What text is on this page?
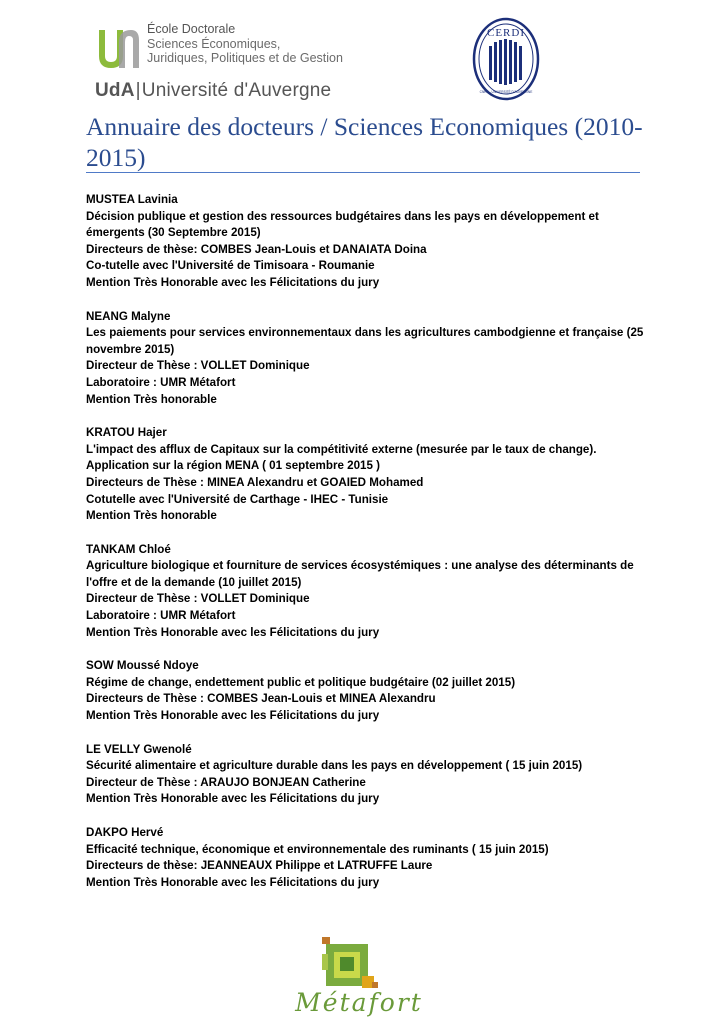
École Doctorale
Sciences Économiques,
Juridiques, Politiques et de Gestion
UdA|Université d'Auvergne
CERDI
CNRS - UNIVERSITÉ D'AUVERGNE
Annuaire des docteurs / Sciences Economiques (2010-2015)
MUSTEA Lavinia
Décision publique et gestion des ressources budgétaires dans les pays en développement et émergents (30 Septembre 2015)
Directeurs de thèse: COMBES Jean-Louis et DANAIATA Doina
Co-tutelle avec l'Université de Timisoara - Roumanie
Mention Très Honorable avec les Félicitations du jury
NEANG Malyne
Les paiements pour services environnementaux dans les agricultures cambodgienne et française (25 novembre 2015)
Directeur de Thèse : VOLLET Dominique
Laboratoire : UMR Métafort
Mention Très honorable
KRATOU Hajer
L'impact des afflux de Capitaux sur la compétitivité externe (mesurée par le taux de change). Application sur la région MENA ( 01 septembre 2015 )
Directeurs de Thèse : MINEA Alexandru et GOAIED Mohamed
Cotutelle avec l'Université de Carthage - IHEC - Tunisie
Mention Très honorable
TANKAM Chloé
Agriculture biologique et fourniture de services écosystémiques : une analyse des déterminants de l'offre et de la demande (10 juillet 2015)
Directeur de Thèse : VOLLET Dominique
Laboratoire : UMR Métafort
Mention Très Honorable avec les Félicitations du jury
SOW Moussé Ndoye
Régime de change, endettement public et politique budgétaire (02 juillet 2015)
Directeurs de Thèse : COMBES Jean-Louis et MINEA Alexandru
Mention Très Honorable avec les Félicitations du jury
LE VELLY Gwenolé
Sécurité alimentaire et agriculture durable dans les pays en développement ( 15 juin 2015)
Directeur de Thèse : ARAUJO BONJEAN Catherine
Mention Très Honorable avec les Félicitations du jury
DAKPO Hervé
Efficacité technique, économique et environnementale des ruminants ( 15 juin 2015)
Directeurs de thèse: JEANNEAUX Philippe et LATRUFFE Laure
Mention Très Honorable avec les Félicitations du jury
Métafort
